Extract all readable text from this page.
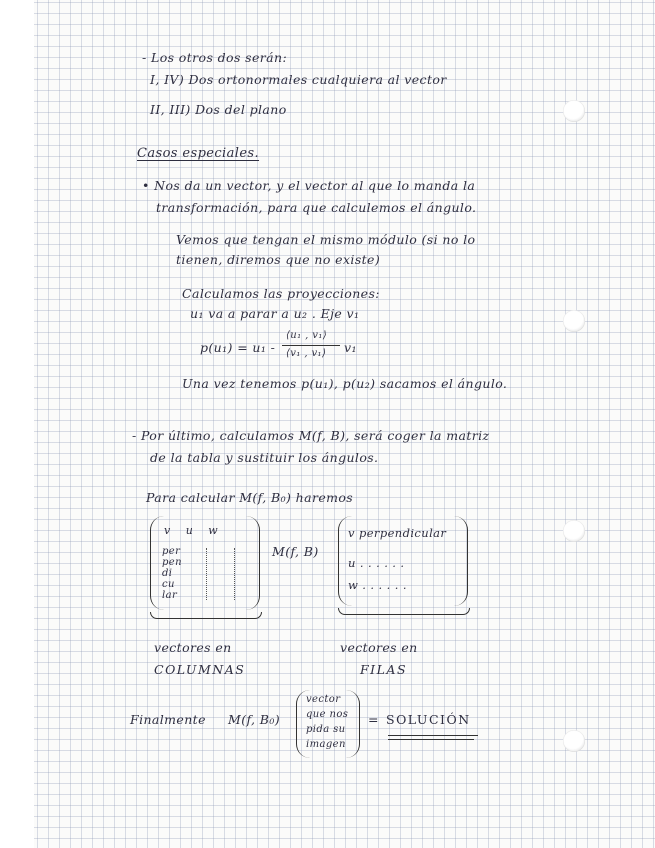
- Los otros dos serán:
I, IV) Dos ortonormales cualquiera al vector
II, III) Dos del plano
Casos especiales.
• Nos da un vector, y el vector al que lo manda la
transformación, para que calculemos el ángulo.
Vemos que tengan el mismo módulo (si no lo
tienen, diremos que no existe)
Calculamos las proyecciones:
u₁ va a parar a u₂ . Eje v₁
p(u₁) = u₁ -
⟨u₁ , v₁⟩
⟨v₁ , v₁⟩ v₁
Una vez tenemos p(u₁), p(u₂) sacamos el ángulo.
- Por último, calculamos M(f, B), será coger la matriz
de la tabla y sustituir los ángulos.
Para calcular M(f, B₀) haremos
v u w
per
pen
di
cu
lar
M(f, B)
v perpendicular
u . . . . . .
w . . . . . .
vectores en
COLUMNAS
vectores en
FILAS
Finalmente M(f, B₀)
vector
que nos
pida su
imagen
= SOLUCIÓN
